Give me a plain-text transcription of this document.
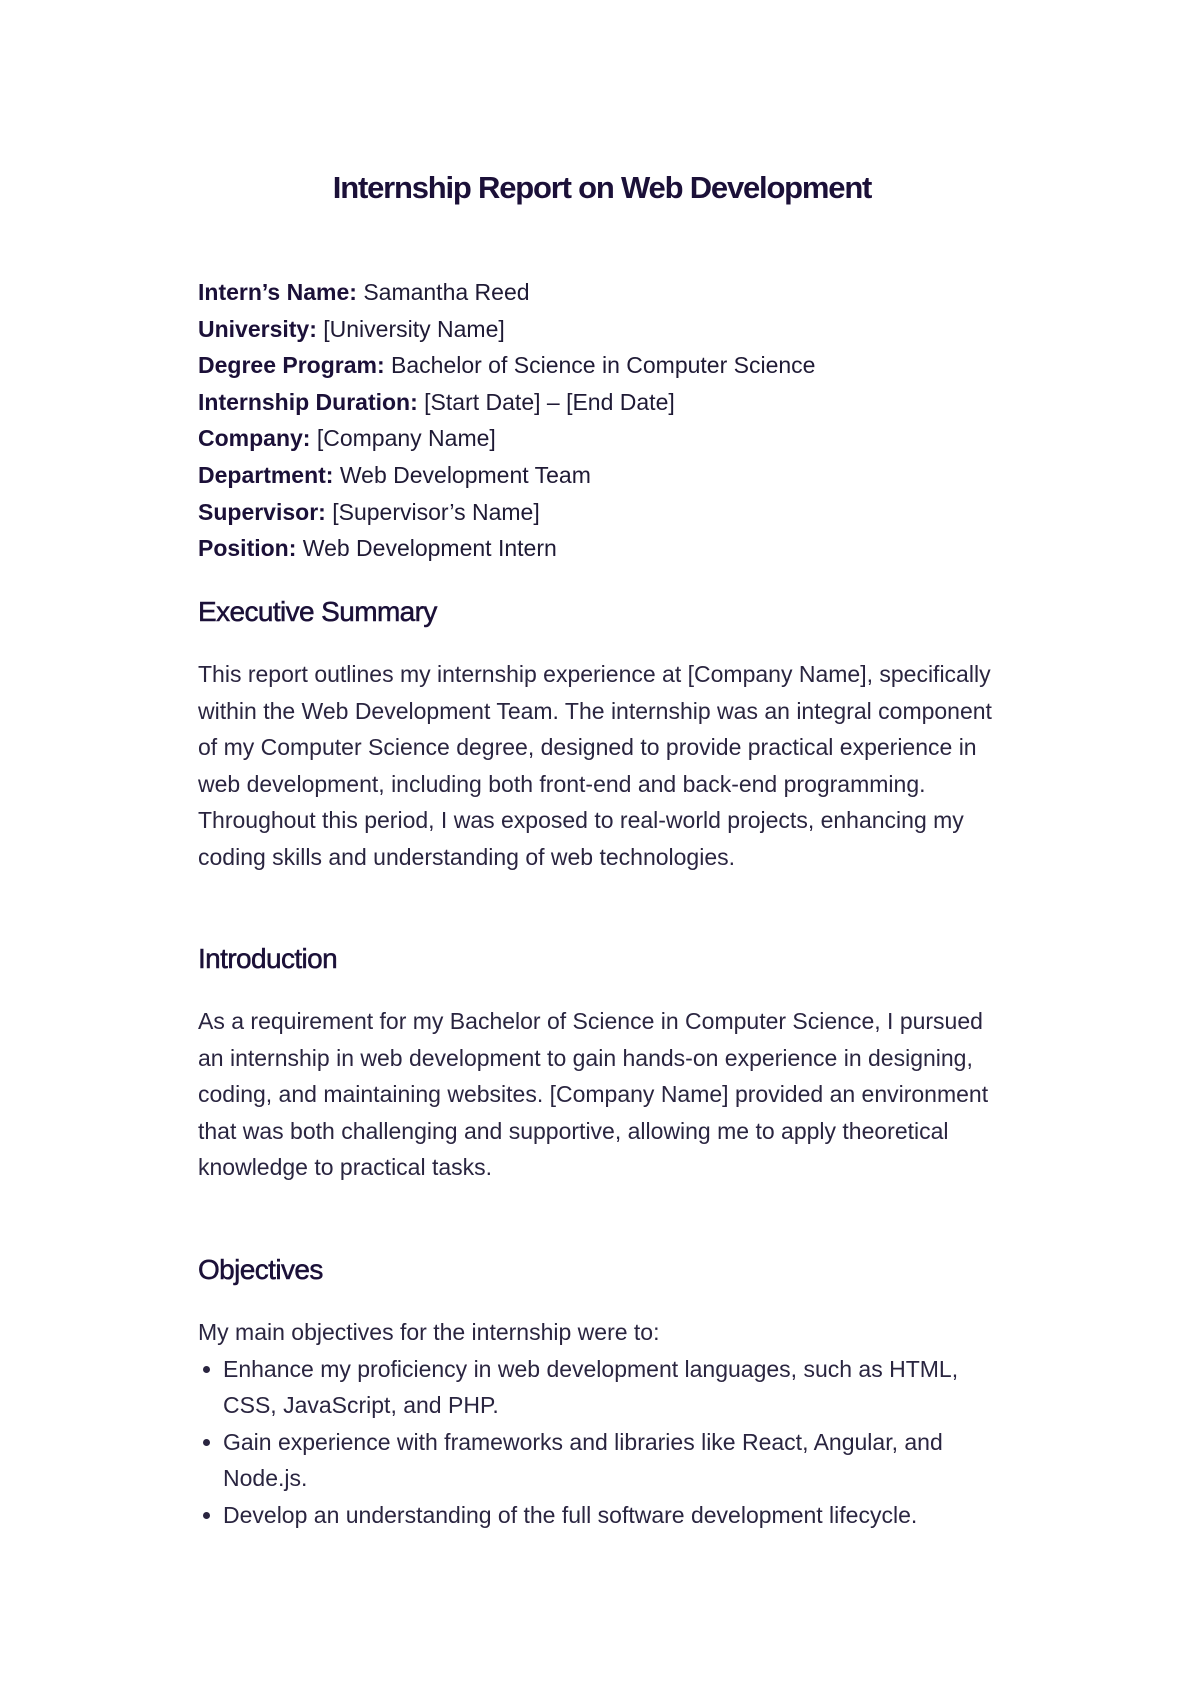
Internship Report on Web Development
Intern’s Name: Samantha Reed
University: [University Name]
Degree Program: Bachelor of Science in Computer Science
Internship Duration: [Start Date] – [End Date]
Company: [Company Name]
Department: Web Development Team
Supervisor: [Supervisor’s Name]
Position: Web Development Intern
Executive Summary

This report outlines my internship experience at [Company Name], specifically within the Web Development Team. The internship was an integral component of my Computer Science degree, designed to provide practical experience in web development, including both front-end and back-end programming. Throughout this period, I was exposed to real-world projects, enhancing my coding skills and understanding of web technologies.

Introduction

As a requirement for my Bachelor of Science in Computer Science, I pursued an internship in web development to gain hands-on experience in designing, coding, and maintaining websites. [Company Name] provided an environment that was both challenging and supportive, allowing me to apply theoretical knowledge to practical tasks.

Objectives

My main objectives for the internship were to:

Enhance my proficiency in web development languages, such as HTML, CSS, JavaScript, and PHP.
Gain experience with frameworks and libraries like React, Angular, and Node.js.
Develop an understanding of the full software development lifecycle.
